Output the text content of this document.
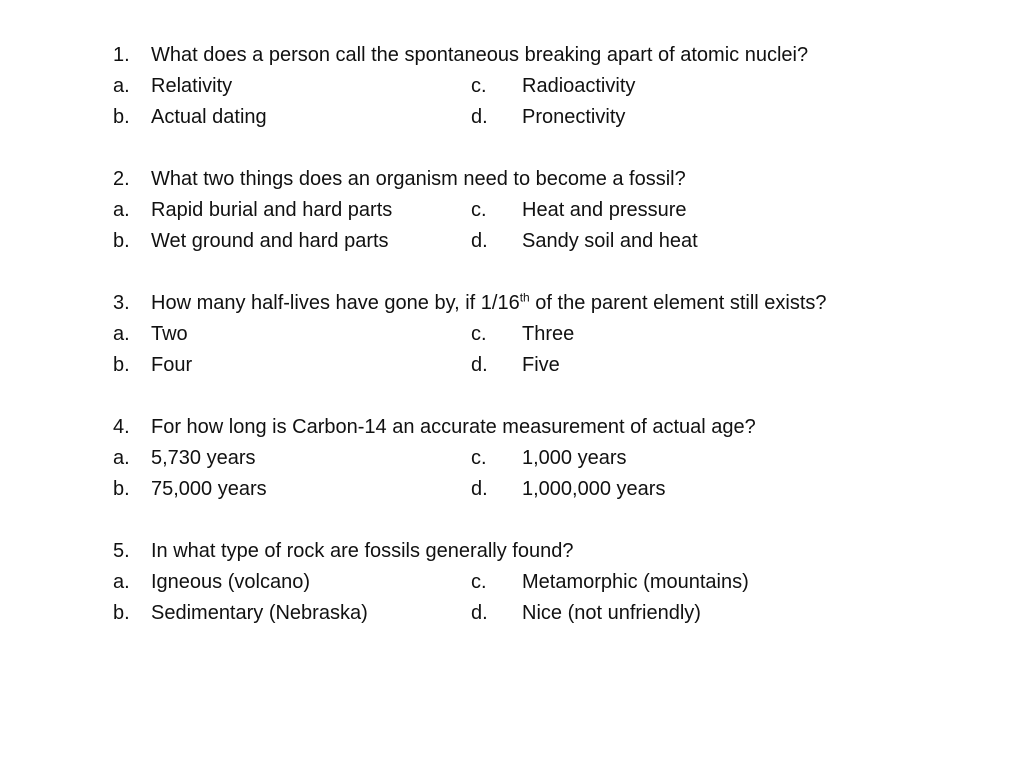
1. What does a person call the spontaneous breaking apart of atomic nuclei?
a. Relativity	c. Radioactivity
b. Actual dating	d. Pronectivity
2. What two things does an organism need to become a fossil?
a. Rapid burial and hard parts	c. Heat and pressure
b. Wet ground and hard parts	d. Sandy soil and heat
3. How many half-lives have gone by, if 1/16th of the parent element still exists?
a. Two	c. Three
b. Four	d. Five
4. For how long is Carbon-14 an accurate measurement of actual age?
a. 5,730 years	c. 1,000 years
b. 75,000 years	d. 1,000,000 years
5. In what type of rock are fossils generally found?
a. Igneous (volcano)	c. Metamorphic (mountains)
b. Sedimentary (Nebraska)	d. Nice (not unfriendly)
